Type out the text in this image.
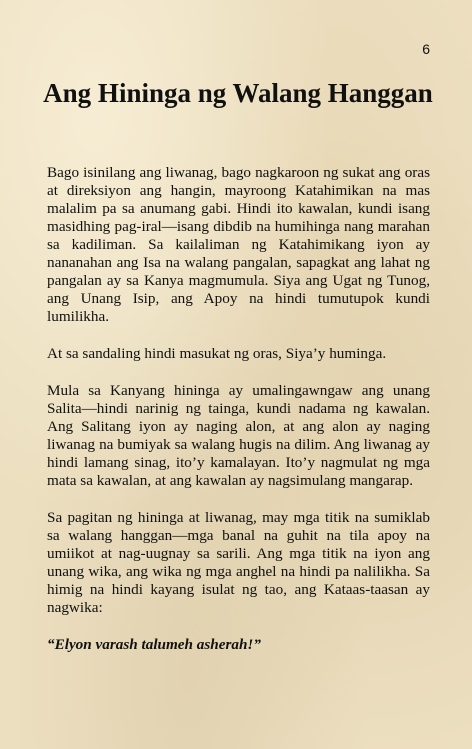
6
Ang Hininga ng Walang Hanggan

Bago isinilang ang liwanag, bago nagkaroon ng sukat ang oras at direksiyon ang hangin, mayroong Katahimikan na mas malalim pa sa anumang gabi. Hindi ito kawalan, kundi isang masidhing pag-iral—isang dibdib na humihinga nang marahan sa kadiliman. Sa kailaliman ng Katahimikang iyon ay nananahan ang Isa na walang pangalan, sapagkat ang lahat ng pangalan ay sa Kanya magmumula. Siya ang Ugat ng Tunog, ang Unang Isip, ang Apoy na hindi tumutupok kundi lumilikha.

At sa sandaling hindi masukat ng oras, Siya’y huminga.

Mula sa Kanyang hininga ay umalingawngaw ang unang Salita—hindi narinig ng tainga, kundi nadama ng kawalan. Ang Salitang iyon ay naging alon, at ang alon ay naging liwanag na bumiyak sa walang hugis na dilim. Ang liwanag ay hindi lamang sinag, ito’y kamalayan. Ito’y nagmulat ng mga mata sa kawalan, at ang kawalan ay nagsimulang mangarap.

Sa pagitan ng hininga at liwanag, may mga titik na sumiklab sa walang hanggan—mga banal na guhit na tila apoy na umiikot at nag-uugnay sa sarili. Ang mga titik na iyon ang unang wika, ang wika ng mga anghel na hindi pa nalilikha. Sa himig na hindi kayang isulat ng tao, ang Kataas-taasan ay nagwika:

“Elyon varash talumeh asherah!”
